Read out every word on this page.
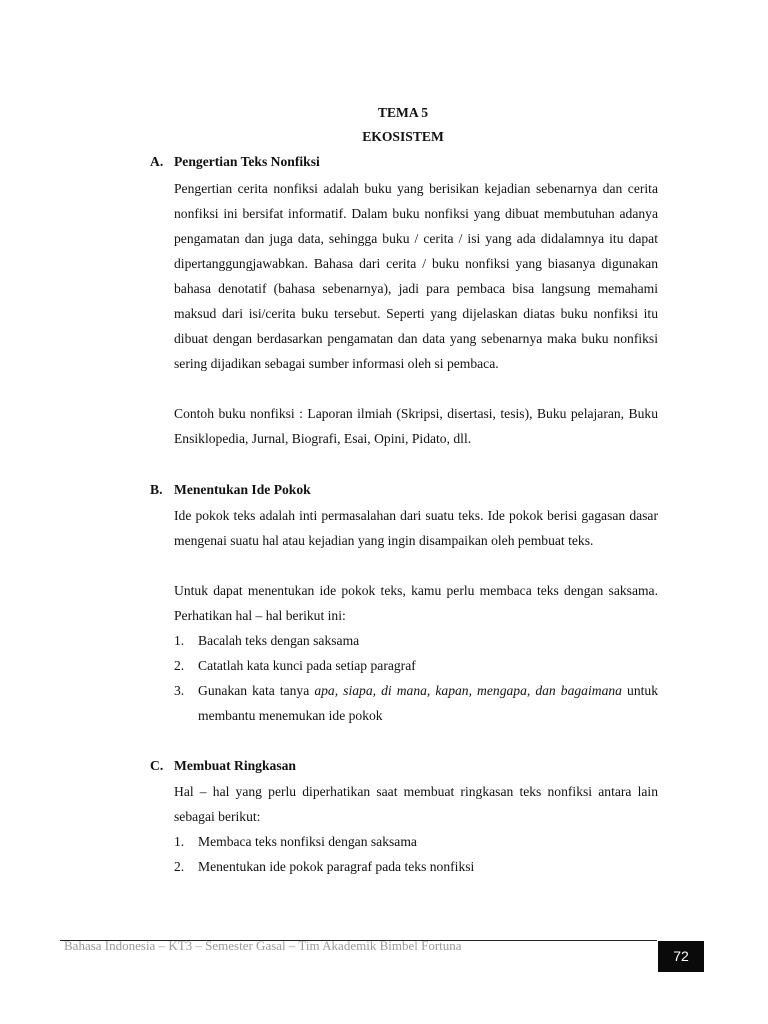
TEMA 5
EKOSISTEM
A. Pengertian Teks Nonfiksi
Pengertian cerita nonfiksi adalah buku yang berisikan kejadian sebenarnya dan cerita nonfiksi ini bersifat informatif. Dalam buku nonfiksi yang dibuat membutuhan adanya pengamatan dan juga data, sehingga buku / cerita / isi yang ada didalamnya itu dapat dipertanggungjawabkan. Bahasa dari cerita / buku nonfiksi yang biasanya digunakan bahasa denotatif (bahasa sebenarnya), jadi para pembaca bisa langsung memahami maksud dari isi/cerita buku tersebut. Seperti yang dijelaskan diatas buku nonfiksi itu dibuat dengan berdasarkan pengamatan dan data yang sebenarnya maka buku nonfiksi sering dijadikan sebagai sumber informasi oleh si pembaca.
Contoh buku nonfiksi : Laporan ilmiah (Skripsi, disertasi, tesis), Buku pelajaran, Buku Ensiklopedia, Jurnal, Biografi, Esai, Opini, Pidato, dll.
B. Menentukan Ide Pokok
Ide pokok teks adalah inti permasalahan dari suatu teks. Ide pokok berisi gagasan dasar mengenai suatu hal atau kejadian yang ingin disampaikan oleh pembuat teks.
Untuk dapat menentukan ide pokok teks, kamu perlu membaca teks dengan saksama. Perhatikan hal – hal berikut ini:
1.	Bacalah teks dengan saksama
2.	Catatlah kata kunci pada setiap paragraf
3.	Gunakan kata tanya apa, siapa, di mana, kapan, mengapa, dan bagaimana untuk membantu menemukan ide pokok
C. Membuat Ringkasan
Hal – hal yang perlu diperhatikan saat membuat ringkasan teks nonfiksi antara lain sebagai berikut:
1.	Membaca teks nonfiksi dengan saksama
2.	Menentukan ide pokok paragraf pada teks nonfiksi
Bahasa Indonesia – KT3 – Semester Gasal – Tim Akademik Bimbel Fortuna
72
